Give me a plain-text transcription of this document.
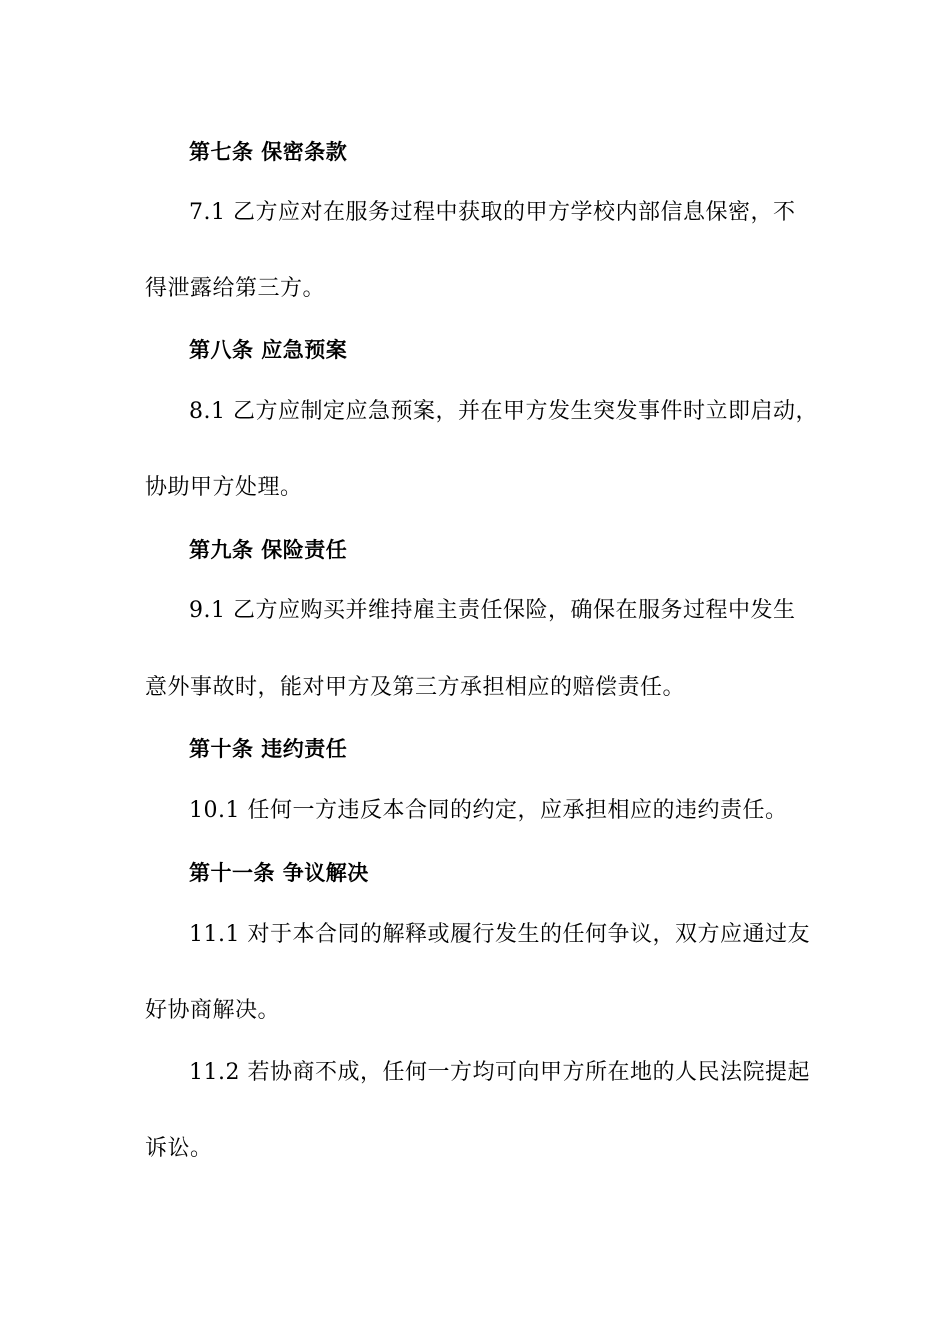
第七条 保密条款
7.1 乙方应对在服务过程中获取的甲方学校内部信息保密，不
得泄露给第三方。
第八条 应急预案
8.1 乙方应制定应急预案，并在甲方发生突发事件时立即启动，
协助甲方处理。
第九条 保险责任
9.1 乙方应购买并维持雇主责任保险，确保在服务过程中发生
意外事故时，能对甲方及第三方承担相应的赔偿责任。
第十条 违约责任
10.1 任何一方违反本合同的约定，应承担相应的违约责任。
第十一条 争议解决
11.1 对于本合同的解释或履行发生的任何争议，双方应通过友
好协商解决。
11.2 若协商不成，任何一方均可向甲方所在地的人民法院提起
诉讼。
